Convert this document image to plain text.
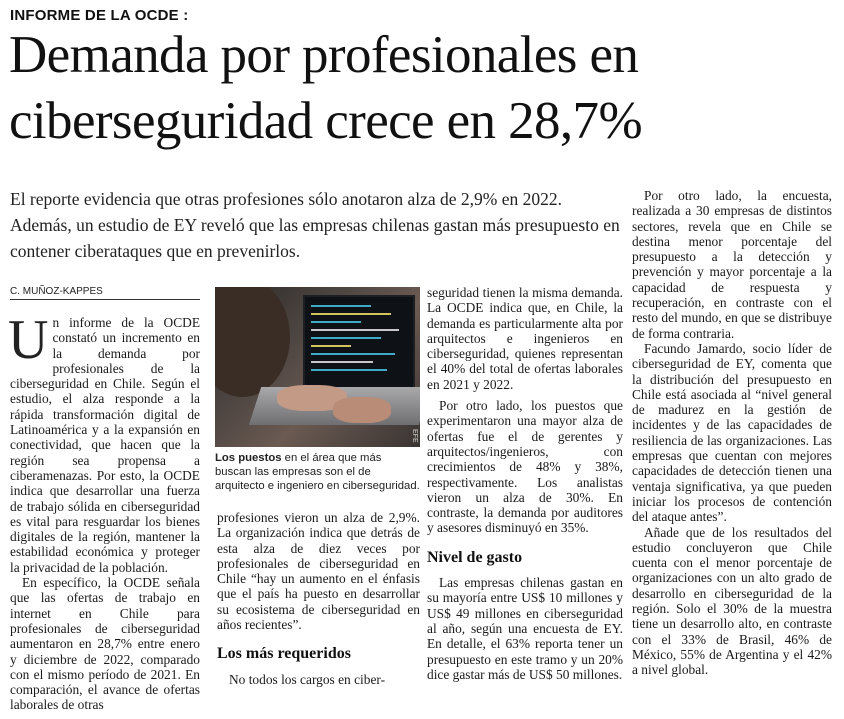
INFORME DE LA OCDE :
Demanda por profesionales en
ciberseguridad crece en 28,7%
El reporte evidencia que otras profesiones sólo anotaron alza de 2,9% en 2022. Además, un estudio de EY reveló que las empresas chilenas gastan más presupuesto en contener ciberataques que en prevenirlos.
C. MUÑOZ-KAPPES

Un informe de la OCDE constató un incremento en la demanda por profesionales de la ciberseguridad en Chile. Según el estudio, el alza responde a la rápida transformación digital de Latinoamérica y a la expansión en conectividad, que hacen que la región sea propensa a ciberamenazas. Por esto, la OCDE indica que desarrollar una fuerza de trabajo sólida en ciberseguridad es vital para resguardar los bienes digitales de la región, mantener la estabilidad económica y proteger la privacidad de la población.

En específico, la OCDE señala que las ofertas de trabajo en internet en Chile para profesionales de ciberseguridad aumentaron en 28,7% entre enero y diciembre de 2022, comparado con el mismo período de 2021. En comparación, el avance de ofertas laborales de otras

EFE
Los puestos en el área que más buscan las empresas son el de arquitecto e ingeniero en ciberseguridad.

profesiones vieron un alza de 2,9%. La organización indica que detrás de esta alza de diez veces por profesionales de ciberseguridad en Chile “hay un aumento en el énfasis que el país ha puesto en desarrollar su ecosistema de ciberseguridad en años recientes”.

Los más requeridos

No todos los cargos en ciber-

seguridad tienen la misma demanda. La OCDE indica que, en Chile, la demanda es particularmente alta por arquitectos e ingenieros en ciberseguridad, quienes representan el 40% del total de ofertas laborales en 2021 y 2022.

Por otro lado, los puestos que experimentaron una mayor alza de ofertas fue el de gerentes y arquitectos/ingenieros, con crecimientos de 48% y 38%, respectivamente. Los analistas vieron un alza de 30%. En contraste, la demanda por auditores y asesores disminuyó en 35%.

Nivel de gasto

Las empresas chilenas gastan en su mayoría entre US$ 10 millones y US$ 49 millones en ciberseguridad al año, según una encuesta de EY. En detalle, el 63% reporta tener un presupuesto en este tramo y un 20% dice gastar más de US$ 50 millones.

Por otro lado, la encuesta, realizada a 30 empresas de distintos sectores, revela que en Chile se destina menor porcentaje del presupuesto a la detección y prevención y mayor porcentaje a la capacidad de respuesta y recuperación, en contraste con el resto del mundo, en que se distribuye de forma contraria.

Facundo Jamardo, socio líder de ciberseguridad de EY, comenta que la distribución del presupuesto en Chile está asociada al “nivel general de madurez en la gestión de incidentes y de las capacidades de resiliencia de las organizaciones. Las empresas que cuentan con mejores capacidades de detección tienen una ventaja significativa, ya que pueden iniciar los procesos de contención del ataque antes”.

Añade que de los resultados del estudio concluyeron que Chile cuenta con el menor porcentaje de organizaciones con un alto grado de desarrollo en ciberseguridad de la región. Solo el 30% de la muestra tiene un desarrollo alto, en contraste con el 33% de Brasil, 46% de México, 55% de Argentina y el 42% a nivel global.
